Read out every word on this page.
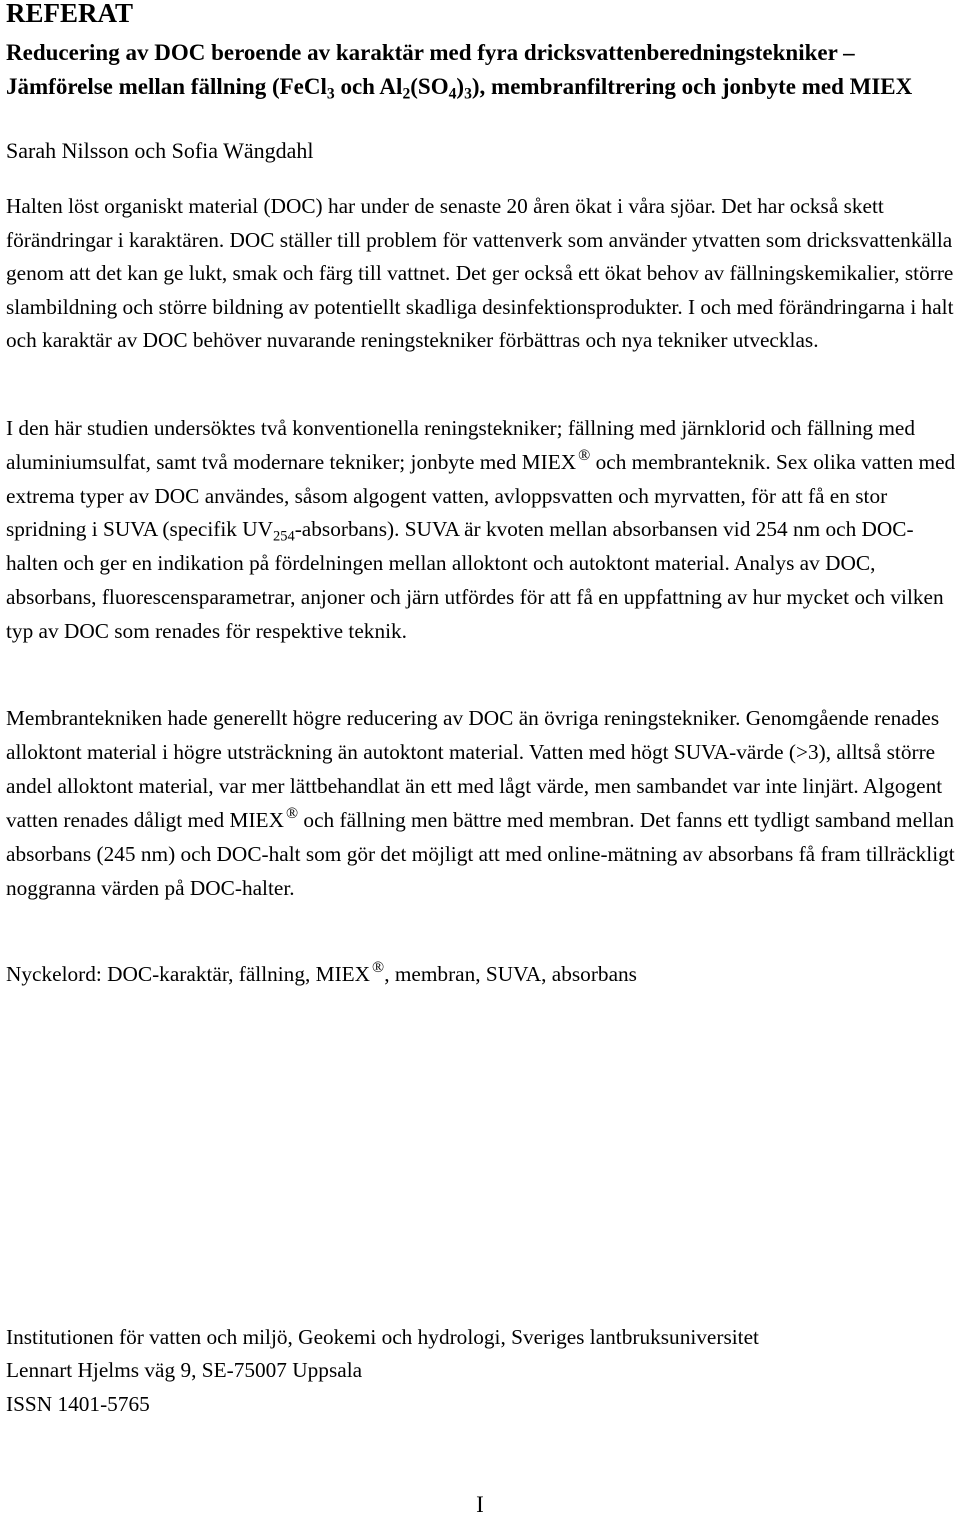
REFERAT
Reducering av DOC beroende av karaktär med fyra dricksvattenberedningstekniker – Jämförelse mellan fällning (FeCl$_3$ och $Al_2(SO_4)_3$), membranfiltrering och jonbyte med MIEX
Sarah Nilsson och Sofia Wängdahl

Halten löst organiskt material (DOC) har under de senaste 20 åren ökat i våra sjöar. Det har också skett förändringar i karaktären. DOC ställer till problem för vattenverk som använder ytvatten som dricksvattenkälla genom att det kan ge lukt, smak och färg till vattnet. Det ger också ett ökat behov av fällningskemikalier, större slambildning och större bildning av potentiellt skadliga desinfektionsprodukter. I och med förändringarna i halt och karaktär av DOC behöver nuvarande reningstekniker förbättras och nya tekniker utvecklas.

I den här studien undersöktes två konventionella reningstekniker; fällning med järnklorid och fällning med aluminiumsulfat, samt två modernare tekniker; jonbyte med MIEX ® och membranteknik. Sex olika vatten med extrema typer av DOC användes, såsom algogent vatten, avloppsvatten och myrvatten, för att få en stor spridning i SUVA (specifik $UV_{254}-absorbans$). SUVA är kvoten mellan absorbansen vid 254 nm och DOC-halten och ger en indikation på fördelningen mellan alloktont och autoktont material. Analys av DOC, absorbans, fluorescensparametrar, anjoner och järn utfördes för att få en uppfattning av hur mycket och vilken typ av DOC som renades för respektive teknik.

Membrantekniken hade generellt högre reducering av DOC än övriga reningstekniker. Genomgående renades alloktont material i högre utsträckning än autoktont material. Vatten med högt SUVA-värde (>3), alltså större andel alloktont material, var mer lättbehandlat än ett med lågt värde, men sambandet var inte linjärt. Algogent vatten renades dåligt med MIEX ® och fällning men bättre med membran. Det fanns ett tydligt samband mellan absorbans (245 nm) och DOC-halt som gör det möjligt att med online-mätning av absorbans få fram tillräckligt noggranna värden på DOC-halter.

Nyckelord: DOC-karaktär, fällning, MIEX ®, membran, SUVA, absorbans

Institutionen för vatten och miljö, Geokemi och hydrologi, Sveriges lantbruksuniversitet
Lennart Hjelms väg 9, SE-75007 Uppsala
ISSN 1401-5765
I
